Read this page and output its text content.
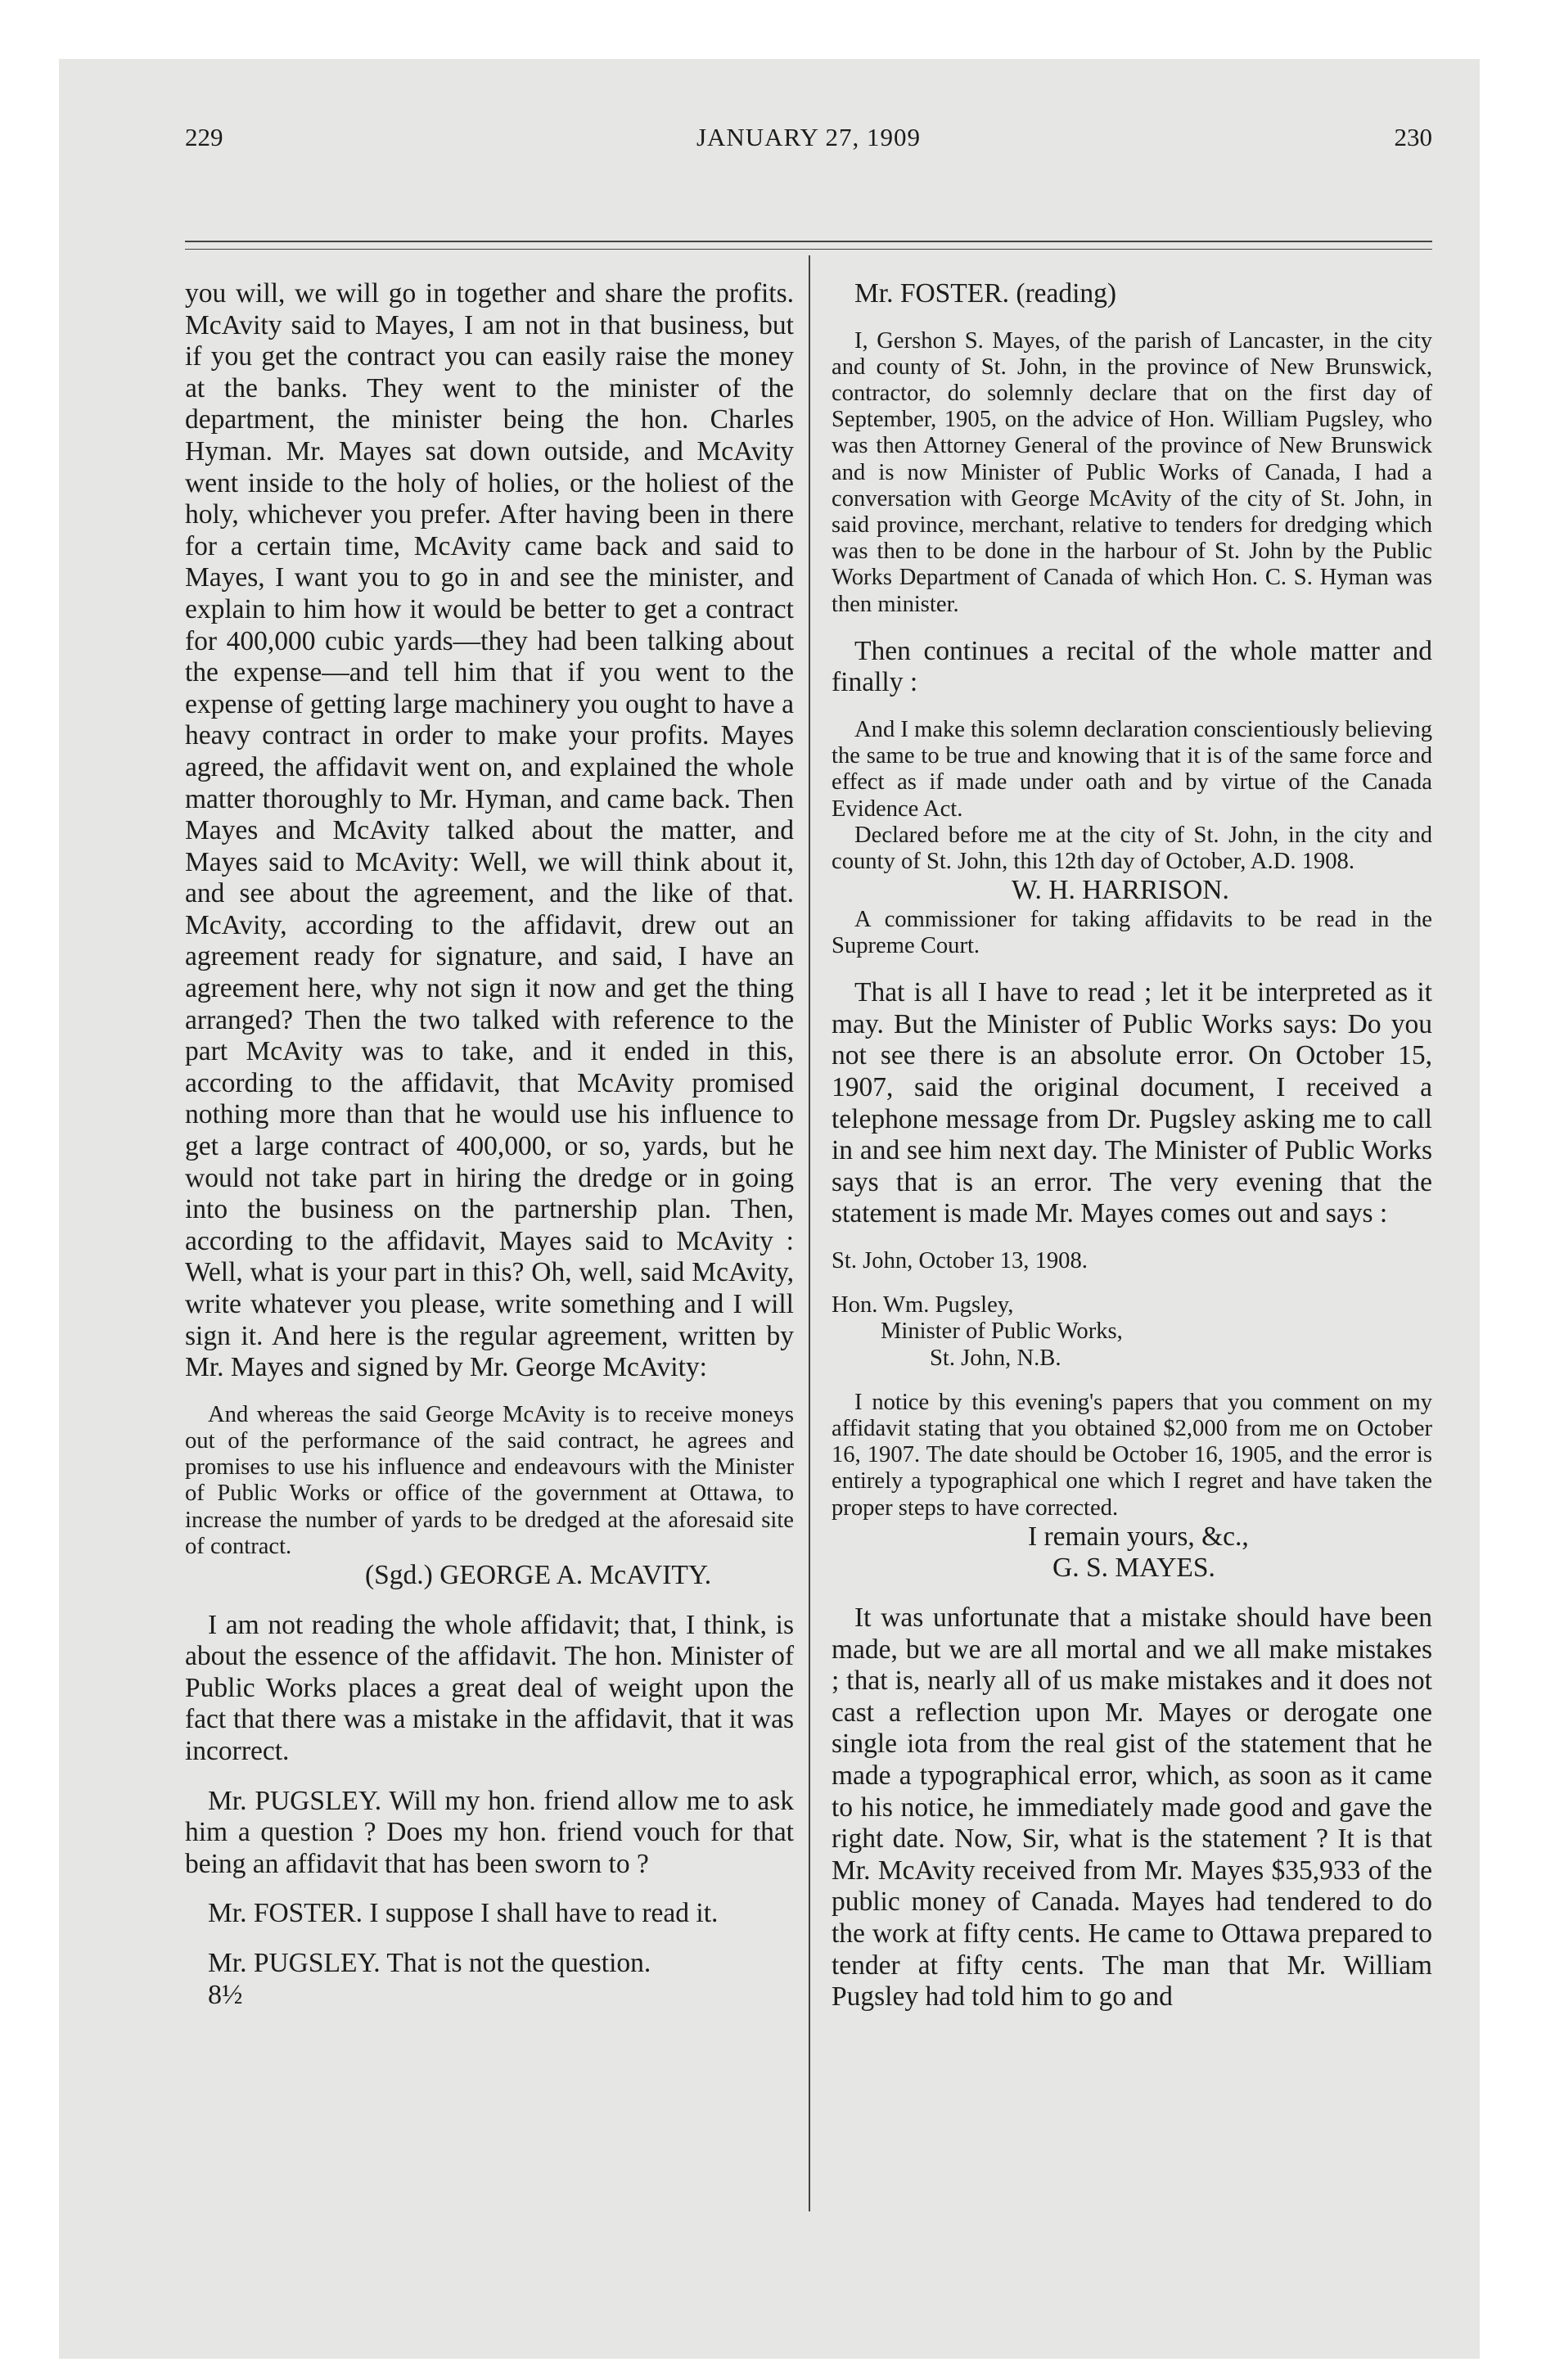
229	JANUARY 27, 1909	230

you will, we will go in together and share the profits. McAvity said to Mayes, I am not in that business, but if you get the contract you can easily raise the money at the banks. They went to the minister of the department, the minister being the hon. Charles Hyman. Mr. Mayes sat down outside, and McAvity went inside to the holy of holies, or the holiest of the holy, whichever you prefer. After having been in there for a certain time, McAvity came back and said to Mayes, I want you to go in and see the minister, and explain to him how it would be better to get a contract for 400,000 cubic yards—they had been talking about the expense—and tell him that if you went to the expense of getting large machinery you ought to have a heavy contract in order to make your profits. Mayes agreed, the affidavit went on, and explained the whole matter thoroughly to Mr. Hyman, and came back. Then Mayes and McAvity talked about the matter, and Mayes said to McAvity: Well, we will think about it, and see about the agreement, and the like of that. McAvity, according to the affidavit, drew out an agreement ready for signature, and said, I have an agreement here, why not sign it now and get the thing arranged? Then the two talked with reference to the part McAvity was to take, and it ended in this, according to the affidavit, that McAvity promised nothing more than that he would use his influence to get a large contract of 400,000, or so, yards, but he would not take part in hiring the dredge or in going into the business on the partnership plan. Then, according to the affidavit, Mayes said to McAvity : Well, what is your part in this? Oh, well, said McAvity, write whatever you please, write something and I will sign it. And here is the regular agreement, written by Mr. Mayes and signed by Mr. George McAvity:

And whereas the said George McAvity is to receive moneys out of the performance of the said contract, he agrees and promises to use his influence and endeavours with the Minister of Public Works or office of the government at Ottawa, to increase the number of yards to be dredged at the aforesaid site of contract.

(Sgd.) GEORGE A. McAVITY.

I am not reading the whole affidavit; that, I think, is about the essence of the affidavit. The hon. Minister of Public Works places a great deal of weight upon the fact that there was a mistake in the affidavit, that it was incorrect.

Mr. PUGSLEY. Will my hon. friend allow me to ask him a question ? Does my hon. friend vouch for that being an affidavit that has been sworn to ?

Mr. FOSTER. I suppose I shall have to read it.

Mr. PUGSLEY. That is not the question.

8½

Mr. FOSTER. (reading)

I, Gershon S. Mayes, of the parish of Lancaster, in the city and county of St. John, in the province of New Brunswick, contractor, do solemnly declare that on the first day of September, 1905, on the advice of Hon. William Pugsley, who was then Attorney General of the province of New Brunswick and is now Minister of Public Works of Canada, I had a conversation with George McAvity of the city of St. John, in said province, merchant, relative to tenders for dredging which was then to be done in the harbour of St. John by the Public Works Department of Canada of which Hon. C. S. Hyman was then minister.

Then continues a recital of the whole matter and finally :

And I make this solemn declaration conscientiously believing the same to be true and knowing that it is of the same force and effect as if made under oath and by virtue of the Canada Evidence Act.

Declared before me at the city of St. John, in the city and county of St. John, this 12th day of October, A.D. 1908.

W. H. HARRISON.

A commissioner for taking affidavits to be read in the Supreme Court.

That is all I have to read ; let it be interpreted as it may. But the Minister of Public Works says: Do you not see there is an absolute error. On October 15, 1907, said the original document, I received a telephone message from Dr. Pugsley asking me to call in and see him next day. The Minister of Public Works says that is an error. The very evening that the statement is made Mr. Mayes comes out and says :

St. John, October 13, 1908.

Hon. Wm. Pugsley,

Minister of Public Works,

St. John, N.B.

I notice by this evening's papers that you comment on my affidavit stating that you obtained $2,000 from me on October 16, 1907. The date should be October 16, 1905, and the error is entirely a typographical one which I regret and have taken the proper steps to have corrected.

I remain yours, &c.,

G. S. MAYES.

It was unfortunate that a mistake should have been made, but we are all mortal and we all make mistakes ; that is, nearly all of us make mistakes and it does not cast a reflection upon Mr. Mayes or derogate one single iota from the real gist of the statement that he made a typographical error, which, as soon as it came to his notice, he immediately made good and gave the right date. Now, Sir, what is the statement ? It is that Mr. McAvity received from Mr. Mayes $35,933 of the public money of Canada. Mayes had tendered to do the work at fifty cents. He came to Ottawa prepared to tender at fifty cents. The man that Mr. William Pugsley had told him to go and
